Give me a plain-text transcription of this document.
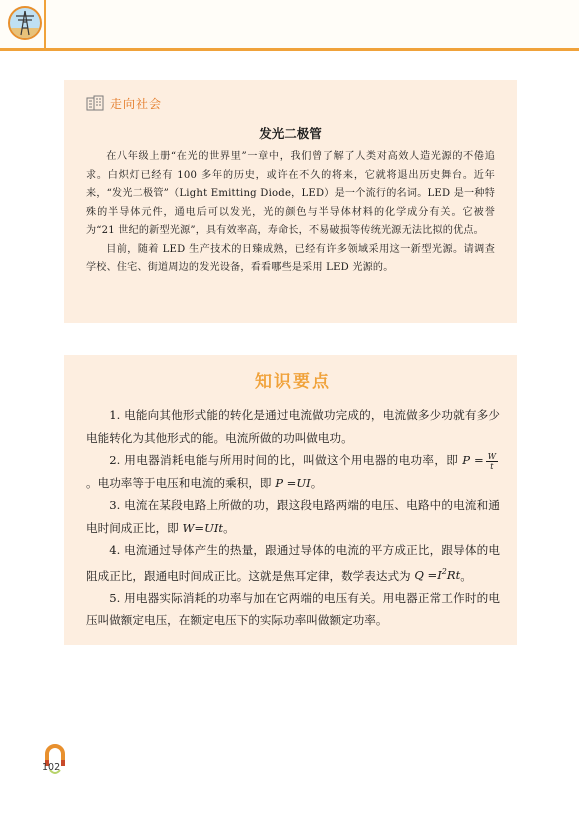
走向社会
发光二极管

在八年级上册“在光的世界里”一章中，我们曾了解了人类对高效人造光源的不倦追求。白炽灯已经有 100 多年的历史，或许在不久的将来，它就将退出历史舞台。近年来，“发光二极管”（Light Emitting Diode，LED）是一个流行的名词。LED 是一种特殊的半导体元件，通电后可以发光，光的颜色与半导体材料的化学成分有关。它被誉为“21 世纪的新型光源”，具有效率高，寿命长，不易破损等传统光源无法比拟的优点。

目前，随着 LED 生产技术的日臻成熟，已经有许多领域采用这一新型光源。请调查学校、住宅、街道周边的发光设备，看看哪些是采用 LED 光源的。

知识要点

1. 电能向其他形式能的转化是通过电流做功完成的，电流做多少功就有多少电能转化为其他形式的能。电流所做的功叫做电功。

2. 用电器消耗电能与所用时间的比，叫做这个用电器的电功率，即 $P = \frac{W}{t}$
。电功率等于电压和电流的乘积，即 P =UI。

3. 电流在某段电路上所做的功，跟这段电路两端的电压、电路中的电流和通电时间成正比，即 W=UIt。

4. 电流通过导体产生的热量，跟通过导体的电流的平方成正比，跟导体的电阻成正比，跟通电时间成正比。这就是焦耳定律，数学表达式为 $Q =I^2Rt$。

5. 用电器实际消耗的功率与加在它两端的电压有关。用电器正常工作时的电压叫做额定电压，在额定电压下的实际功率叫做额定功率。

102
